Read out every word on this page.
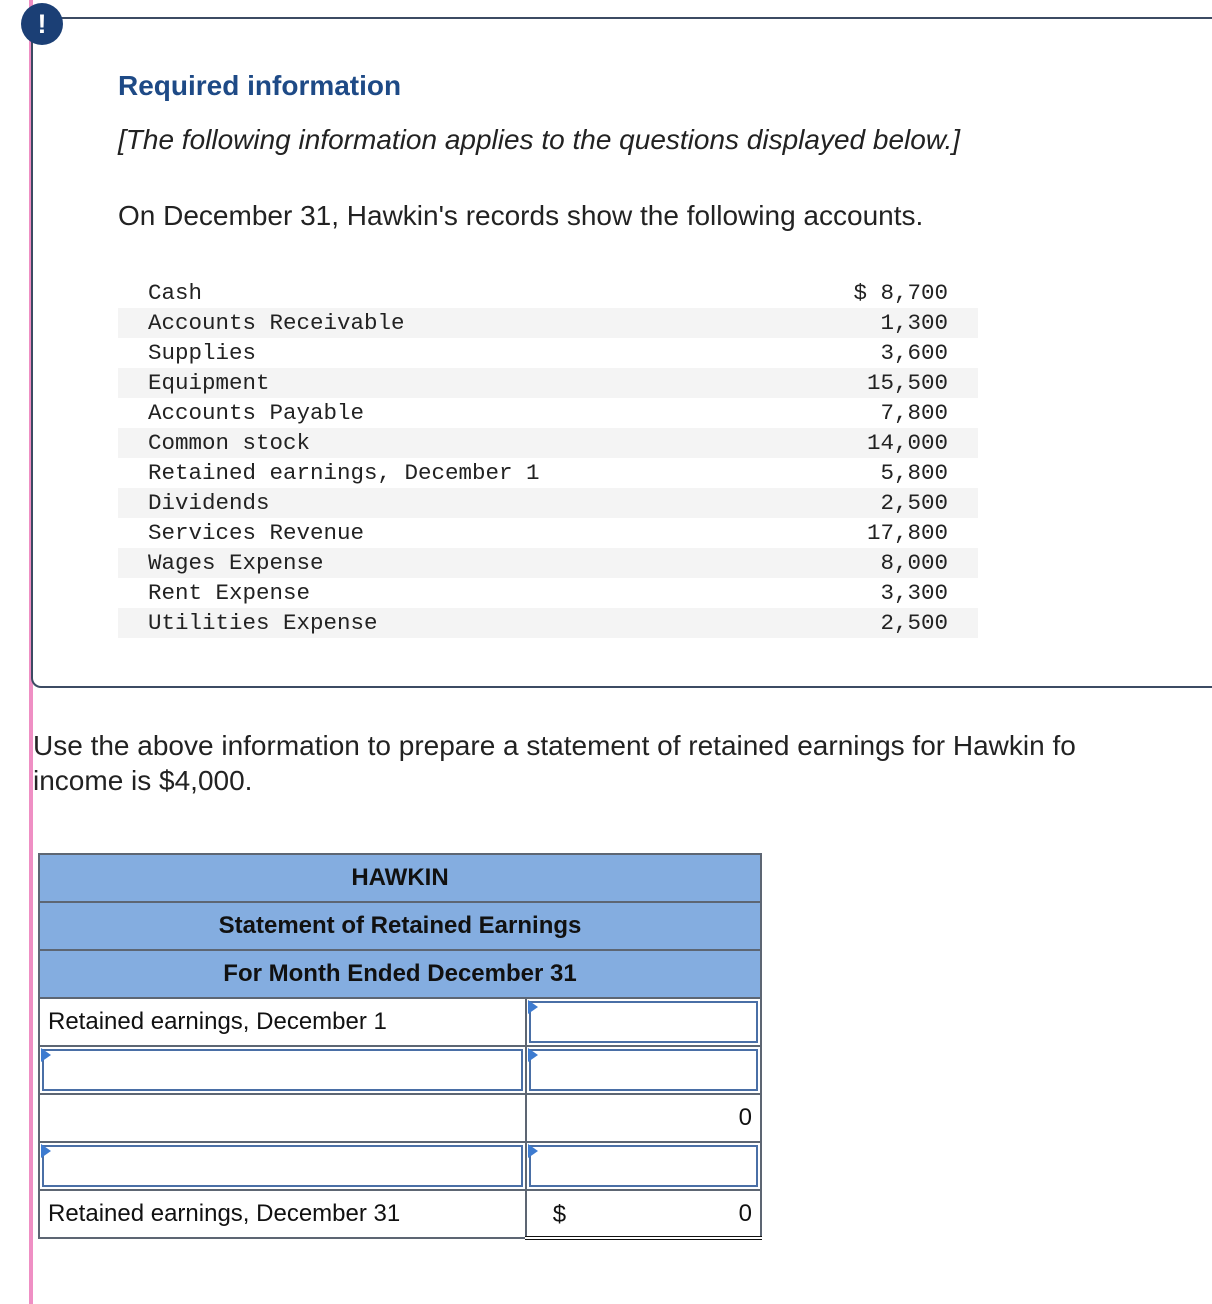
!

Required information

[The following information applies to the questions displayed below.]

On December 31, Hawkin's records show the following accounts.

Cash	$ 8,700
Accounts Receivable	1,300
Supplies	3,600
Equipment	15,500
Accounts Payable	7,800
Common stock	14,000
Retained earnings, December 1	5,800
Dividends	2,500
Services Revenue	17,800
Wages Expense	8,000
Rent Expense	3,300
Utilities Expense	2,500
Use the above information to prepare a statement of retained earnings for Hawkin fo
income is $4,000.
HAWKIN	
Statement of Retained Earnings	
For Month Ended December 31	
Retained earnings, December 1	

	0

Retained earnings, December 31	$ 0
